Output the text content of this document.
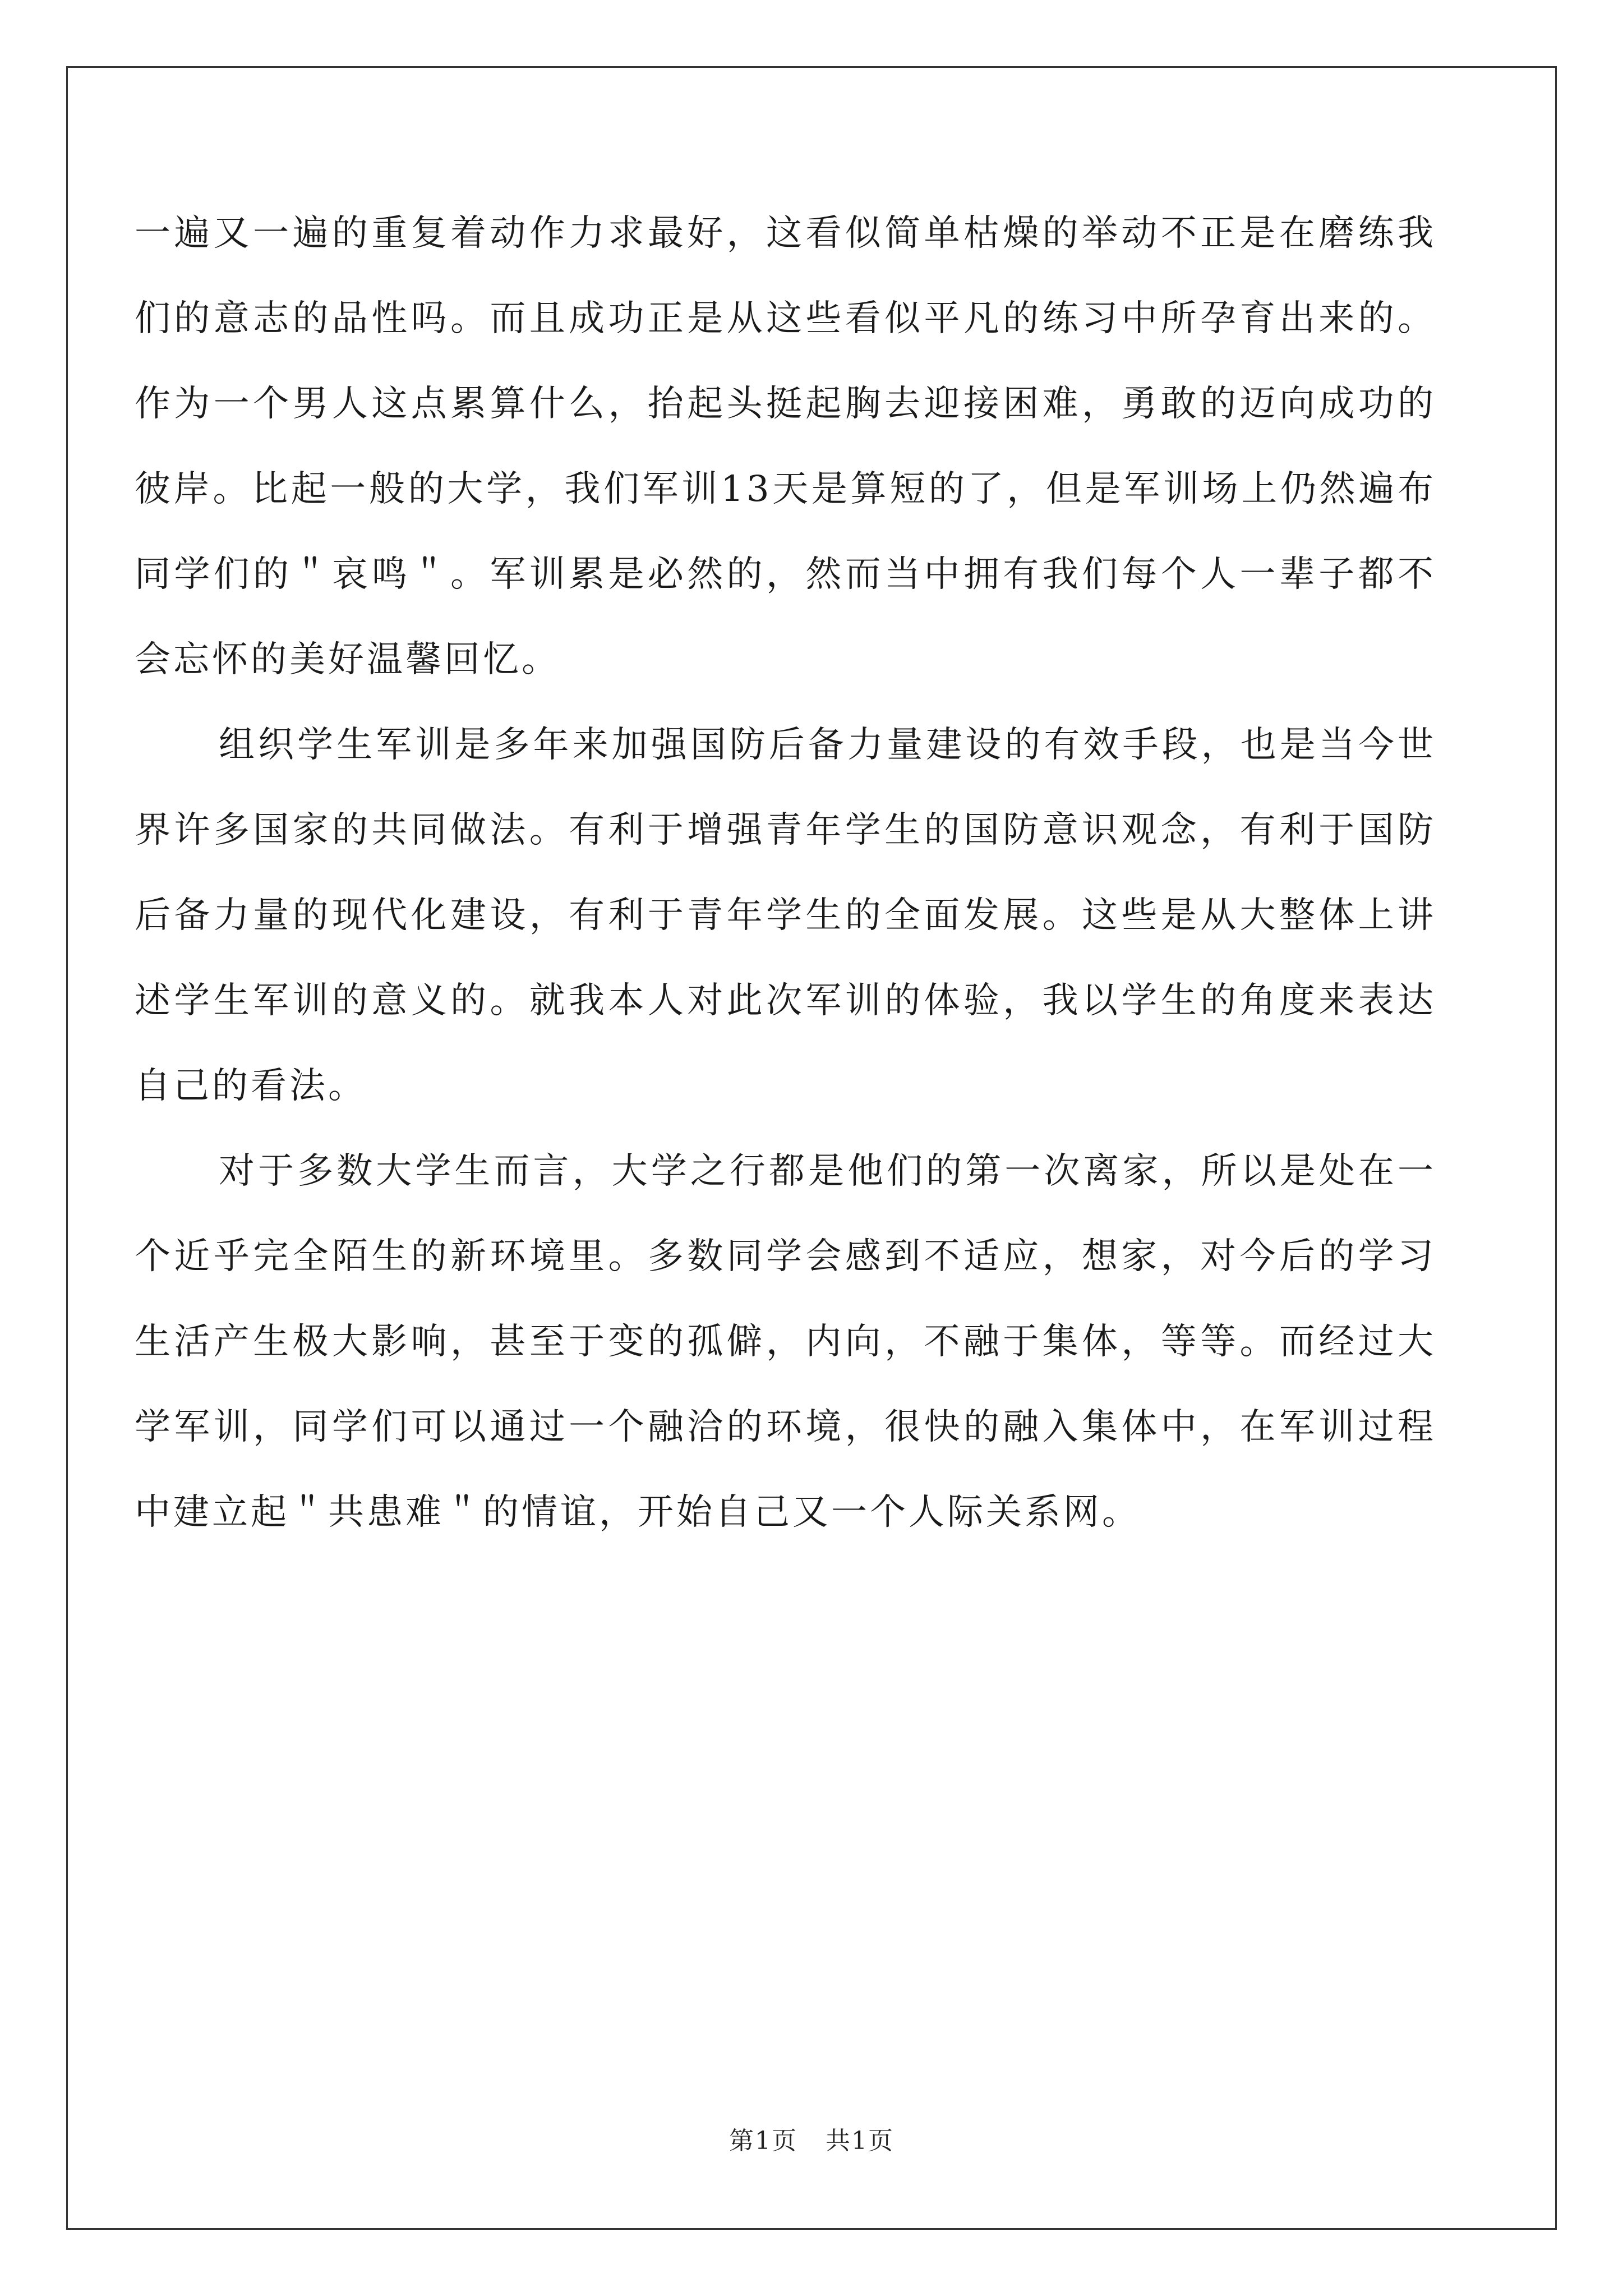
一遍又一遍的重复着动作力求最好，这看似简单枯燥的举动不正是在磨练我们的意志的品性吗。而且成功正是从这些看似平凡的练习中所孕育出来的。作为一个男人这点累算什么，抬起头挺起胸去迎接困难，勇敢的迈向成功的彼岸。比起一般的大学，我们军训13天是算短的了，但是军训场上仍然遍布同学们的＂哀鸣＂。军训累是必然的，然而当中拥有我们每个人一辈子都不会忘怀的美好温馨回忆。

组织学生军训是多年来加强国防后备力量建设的有效手段，也是当今世界许多国家的共同做法。有利于增强青年学生的国防意识观念，有利于国防后备力量的现代化建设，有利于青年学生的全面发展。这些是从大整体上讲述学生军训的意义的。就我本人对此次军训的体验，我以学生的角度来表达自己的看法。

对于多数大学生而言，大学之行都是他们的第一次离家，所以是处在一个近乎完全陌生的新环境里。多数同学会感到不适应，想家，对今后的学习生活产生极大影响，甚至于变的孤僻，内向，不融于集体，等等。而经过大学军训，同学们可以通过一个融洽的环境，很快的融入集体中，在军训过程中建立起＂共患难＂的情谊，开始自己又一个人际关系网。

第1页 共1页
